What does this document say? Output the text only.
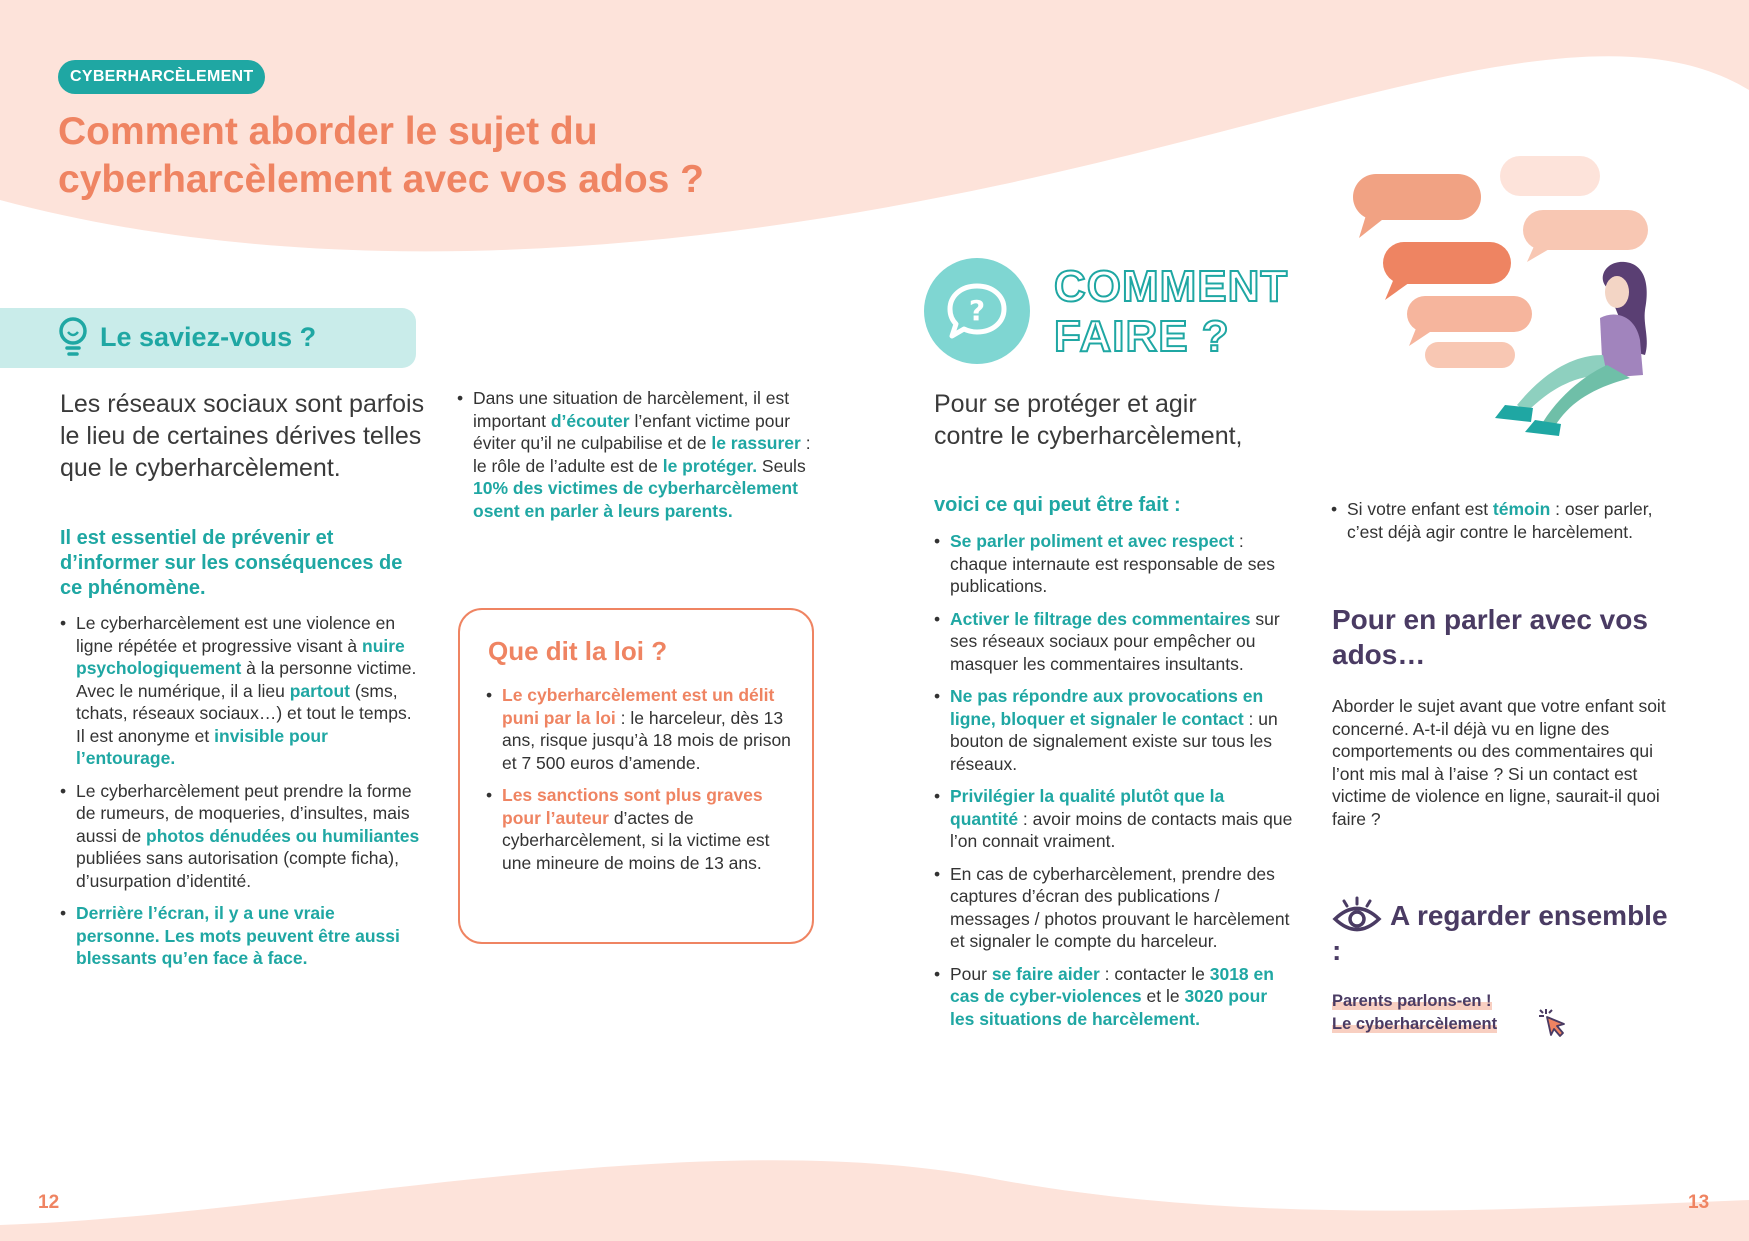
CYBERHARCÈLEMENT
Comment aborder le sujet du cyberharcèlement avec vos ados ?
Le saviez-vous ?
Les réseaux sociaux sont parfois le lieu de certaines dérives telles que le cyberharcèlement.
Il est essentiel de prévenir et d’informer sur les conséquences de ce phénomène.
• Le cyberharcèlement est une violence en ligne répétée et progressive visant à nuire psychologiquement à la personne victime. Avec le numérique, il a lieu partout (sms, tchats, réseaux sociaux…) et tout le temps. Il est anonyme et invisible pour l’entourage.
• Le cyberharcèlement peut prendre la forme de rumeurs, de moqueries, d’insultes, mais aussi de photos dénudées ou humiliantes publiées sans autorisation (compte ficha), d’usurpation d’identité.
• Derrière l’écran, il y a une vraie personne. Les mots peuvent être aussi blessants qu’en face à face.
• Dans une situation de harcèlement, il est important d’écouter l’enfant victime pour éviter qu’il ne culpabilise et de le rassurer : le rôle de l’adulte est de le protéger. Seuls 10% des victimes de cyberharcèlement osent en parler à leurs parents.
Que dit la loi ?
• Le cyberharcèlement est un délit puni par la loi : le harceleur, dès 13 ans, risque jusqu’à 18 mois de prison et 7 500 euros d’amende.
• Les sanctions sont plus graves pour l’auteur d’actes de cyberharcèlement, si la victime est une mineure de moins de 13 ans.
? COMMENT
FAIRE ?
Pour se protéger et agir contre le cyberharcèlement,
voici ce qui peut être fait :
• Se parler poliment et avec respect : chaque internaute est responsable de ses publications.
• Activer le filtrage des commentaires sur ses réseaux sociaux pour empêcher ou masquer les commentaires insultants.
• Ne pas répondre aux provocations en ligne, bloquer et signaler le contact : un bouton de signalement existe sur tous les réseaux.
• Privilégier la qualité plutôt que la quantité : avoir moins de contacts mais que l’on connait vraiment.
• En cas de cyberharcèlement, prendre des captures d’écran des publications / messages / photos prouvant le harcèlement et signaler le compte du harceleur.
• Pour se faire aider : contacter le 3018 en cas de cyber-violences et le 3020 pour les situations de harcèlement.
• Si votre enfant est témoin : oser parler, c’est déjà agir contre le harcèlement.
Pour en parler avec vos ados…
Aborder le sujet avant que votre enfant soit concerné. A-t-il déjà vu en ligne des comportements ou des commentaires qui l’ont mis mal à l’aise ? Si un contact est victime de violence en ligne, saurait-il quoi faire ?
A regarder ensemble :
Parents parlons-en !
Le cyberharcèlement
12	13
